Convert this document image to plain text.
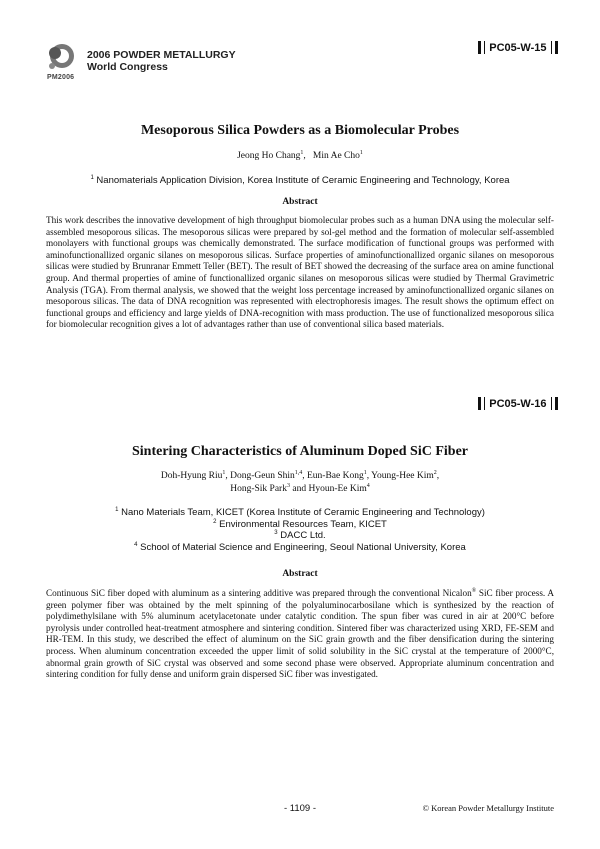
PM2006
2006 POWDER METALLURGY
World Congress
PC05-W-15
Mesoporous Silica Powders as a Biomolecular Probes
Jeong Ho Chang$^1$,   Min Ae Cho$^1$
$^1$ Nanomaterials Application Division, Korea Institute of Ceramic Engineering and Technology, Korea
Abstract
This work describes the innovative development of high throughput biomolecular probes such as a human DNA using the molecular self-assembled mesoporous silicas. The mesoporous silicas were prepared by sol-gel method and the formation of molecular self-assembled monolayers with functional groups was chemically demonstrated. The surface modification of functional groups was performed with aminofunctionallized organic silanes on mesoporous silicas. Surface properties of aminofunctionallized organic silanes on mesoporous silicas were studied by Brunranar Emmett Teller (BET). The result of BET showed the decreasing of the surface area on amine functional group. And thermal properties of amine of functionallized organic silanes on mesoporous silicas were studied by Thermal Gravimetric Analysis (TGA). From thermal analysis, we showed that the weight loss percentage increased by aminofunctionallized organic silanes on mesoporous silicas. The data of DNA recognition was represented with electrophoresis images. The result shows the optimum effect on functional groups and efficiency and large yields of DNA-recognition with mass production. The use of functionalized mesoporous silica for biomolecular recognition gives a lot of advantages rather than use of conventional silica based materials.
PC05-W-16
Sintering Characteristics of Aluminum Doped SiC Fiber
Doh-Hyung Riu$^1$, Dong-Geun Shin$^{1,4}$, Eun-Bae Kong$^1$, Young-Hee Kim$^2$,
Hong-Sik Park$^3$ and Hyoun-Ee Kim$^4$
$^1$ Nano Materials Team, KICET (Korea Institute of Ceramic Engineering and Technology)
$^2$ Environmental Resources Team, KICET
$^3$ DACC Ltd.
$^4$ School of Material Science and Engineering, Seoul National University, Korea
Abstract
Continuous SiC fiber doped with aluminum as a sintering additive was prepared through the conventional Nicalon® SiC fiber process. A green polymer fiber was obtained by the melt spinning of the polyaluminocarbosilane which is synthesized by the reaction of polydimethylsilane with 5% aluminum acetylacetonate under catalytic condition. The spun fiber was cured in air at 200°C before pyrolysis under controlled heat-treatment atmosphere and sintering condition. Sintered fiber was characterized using XRD, FE-SEM and HR-TEM. In this study, we described the effect of aluminum on the SiC grain growth and the fiber densification during the sintering process. When aluminum concentration exceeded the upper limit of solid solubility in the SiC crystal at the temperature of 2000°C, abnormal grain growth of SiC crystal was observed and some second phase were observed. Appropriate aluminum concentration and sintering condition for fully dense and uniform grain dispersed SiC fiber was investigated.
- 1109 -	© Korean Powder Metallurgy Institute
